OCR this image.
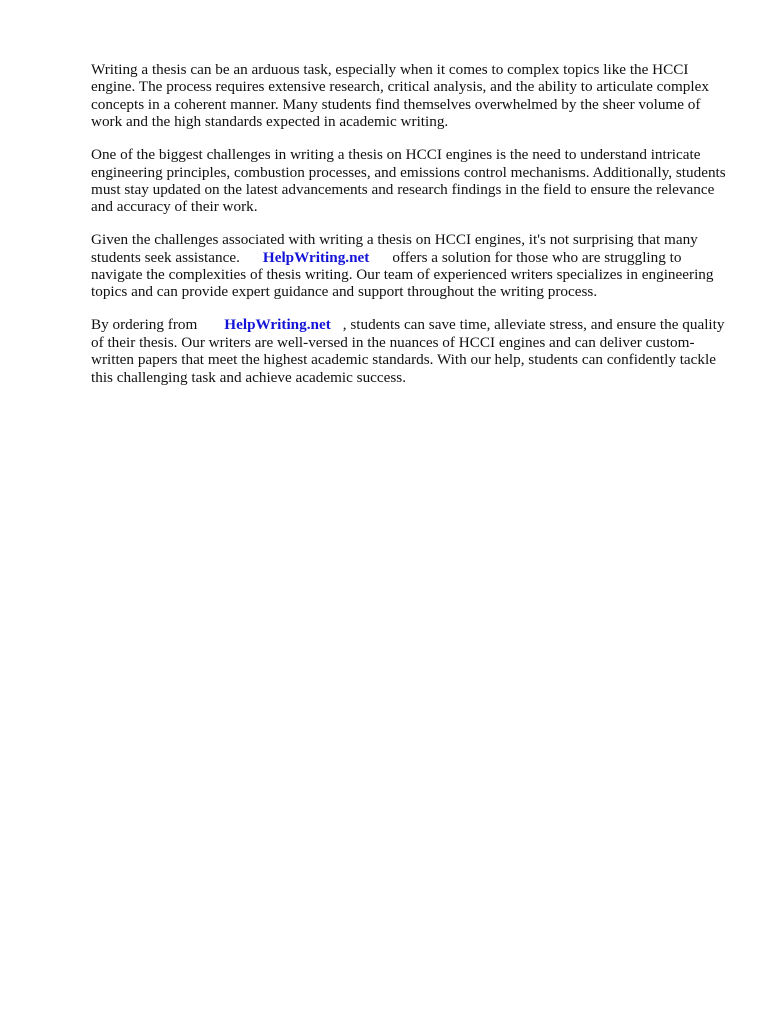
Writing a thesis can be an arduous task, especially when it comes to complex topics like the HCCI engine. The process requires extensive research, critical analysis, and the ability to articulate complex concepts in a coherent manner. Many students find themselves overwhelmed by the sheer volume of work and the high standards expected in academic writing.

One of the biggest challenges in writing a thesis on HCCI engines is the need to understand intricate engineering principles, combustion processes, and emissions control mechanisms. Additionally, students must stay updated on the latest advancements and research findings in the field to ensure the relevance and accuracy of their work.

Given the challenges associated with writing a thesis on HCCI engines, it's not surprising that many students seek assistance. HelpWriting.net offers a solution for those who are struggling to navigate the complexities of thesis writing. Our team of experienced writers specializes in engineering topics and can provide expert guidance and support throughout the writing process.

By ordering from HelpWriting.net , students can save time, alleviate stress, and ensure the quality of their thesis. Our writers are well-versed in the nuances of HCCI engines and can deliver custom-written papers that meet the highest academic standards. With our help, students can confidently tackle this challenging task and achieve academic success.
